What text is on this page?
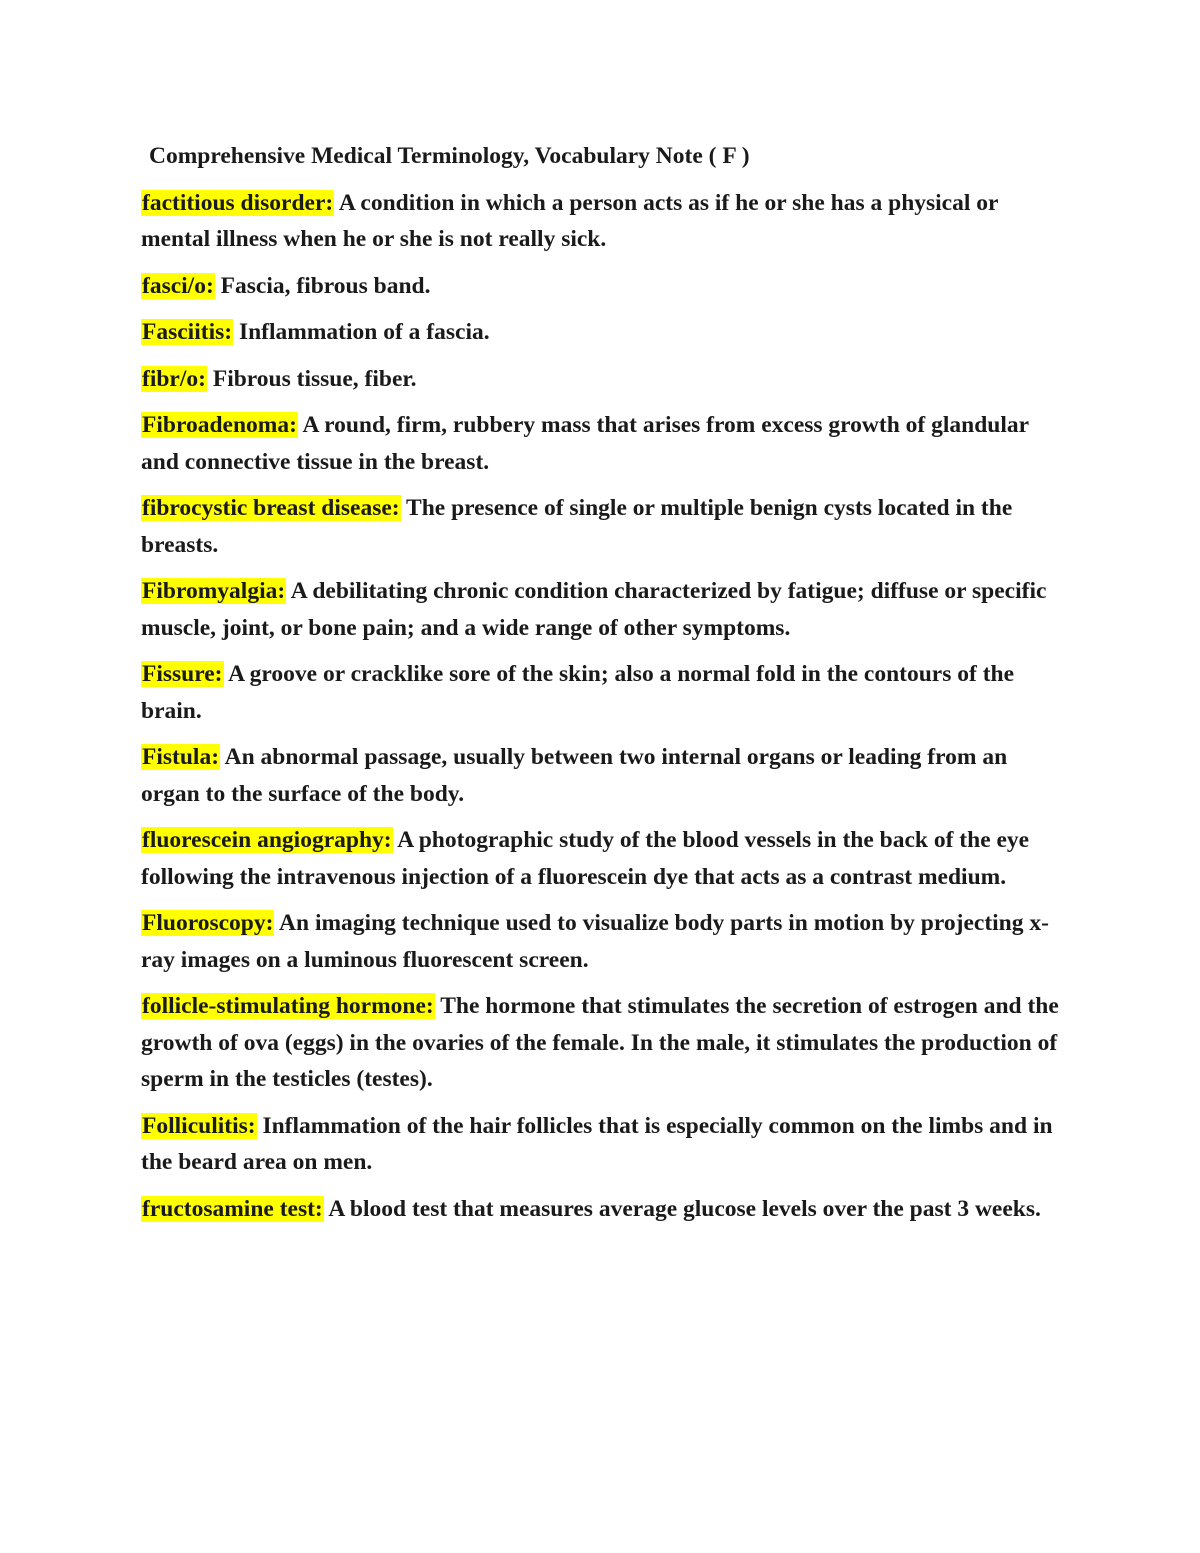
Comprehensive Medical Terminology, Vocabulary Note ( F )
factitious disorder: A condition in which a person acts as if he or she has a physical or mental illness when he or she is not really sick.
fasci/o: Fascia, fibrous band.
Fasciitis: Inflammation of a fascia.
fibr/o: Fibrous tissue, fiber.
Fibroadenoma: A round, firm, rubbery mass that arises from excess growth of glandular and connective tissue in the breast.
fibrocystic breast disease: The presence of single or multiple benign cysts located in the breasts.
Fibromyalgia: A debilitating chronic condition characterized by fatigue; diffuse or specific muscle, joint, or bone pain; and a wide range of other symptoms.
Fissure: A groove or cracklike sore of the skin; also a normal fold in the contours of the brain.
Fistula: An abnormal passage, usually between two internal organs or leading from an organ to the surface of the body.
fluorescein angiography: A photographic study of the blood vessels in the back of the eye following the intravenous injection of a fluorescein dye that acts as a contrast medium.
Fluoroscopy: An imaging technique used to visualize body parts in motion by projecting x-ray images on a luminous fluorescent screen.
follicle-stimulating hormone: The hormone that stimulates the secretion of estrogen and the growth of ova (eggs) in the ovaries of the female. In the male, it stimulates the production of sperm in the testicles (testes).
Folliculitis: Inflammation of the hair follicles that is especially common on the limbs and in the beard area on men.
fructosamine test: A blood test that measures average glucose levels over the past 3 weeks.
